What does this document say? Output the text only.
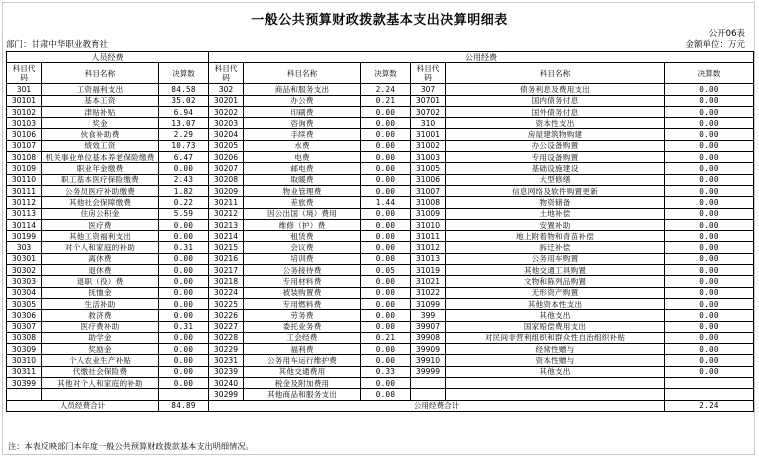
一般公共预算财政拨款基本支出决算明细表
公开06表
部门：甘肃中华职业教育社	金额单位：万元
人员经费			公用经费					
科目代码	科目名称	决算数	科目代码	科目名称	决算数	科目代码	科目名称	决算数
301	工资福利支出	84.58	302	商品和服务支出	2.24	307	债务利息及费用支出	0.00
30101	基本工资	35.02	30201	办公费	0.21	30701	国内债务付息	0.00
30102	津贴补贴	6.94	30202	印刷费	0.00	30702	国外债务付息	0.00
30103	奖金	13.07	30203	咨询费	0.00	310	资本性支出	0.00
30106	伙食补助费	2.29	30204	手续费	0.00	31001	房屋建筑物购建	0.00
30107	绩效工资	10.73	30205	水费	0.00	31002	办公设备购置	0.00
30108	机关事业单位基本养老保险缴费	6.47	30206	电费	0.00	31003	专用设备购置	0.00
30109	职业年金缴费	0.00	30207	邮电费	0.00	31005	基础设施建设	0.00
30110	职工基本医疗保险缴费	2.43	30208	取暖费	0.00	31006	大型修缮	0.00
30111	公务员医疗补助缴费	1.82	30209	物业管理费	0.00	31007	信息网络及软件购置更新	0.00
30112	其他社会保障缴费	0.22	30211	差旅费	1.44	31008	物资储备	0.00
30113	住房公积金	5.59	30212	因公出国（境）费用	0.00	31009	土地补偿	0.00
30114	医疗费	0.00	30213	维修（护）费	0.00	31010	安置补助	0.00
30199	其他工资福利支出	0.00	30214	租赁费	0.00	31011	地上附着物和青苗补偿	0.00
303	对个人和家庭的补助	0.31	30215	会议费	0.00	31012	拆迁补偿	0.00
30301	离休费	0.00	30216	培训费	0.00	31013	公务用车购置	0.00
30302	退休费	0.00	30217	公务接待费	0.05	31019	其他交通工具购置	0.00
30303	退职（役）费	0.00	30218	专用材料费	0.00	31021	文物和陈列品购置	0.00
30304	抚恤金	0.00	30224	被装购置费	0.00	31022	无形资产购置	0.00
30305	生活补助	0.00	30225	专用燃料费	0.00	31099	其他资本性支出	0.00
30306	救济费	0.00	30226	劳务费	0.00	399	其他支出	0.00
30307	医疗费补助	0.31	30227	委托业务费	0.00	39907	国家赔偿费用支出	0.00
30308	助学金	0.00	30228	工会经费	0.21	39908	对民间非营利组织和群众性自治组织补贴	0.00
30309	奖励金	0.00	30229	福利费	0.00	39909	经常性赠与	0.00
30310	个人农业生产补贴	0.00	30231	公务用车运行维护费	0.00	39910	资本性赠与	0.00
30311	代缴社会保险费	0.00	30239	其他交通费用	0.33	39999	其他支出	0.00
30399	其他对个人和家庭的补助	0.00	30240	税金及附加费用	0.00			
			30299	其他商品和服务支出	0.00			
人员经费合计		84.89	公用经费合计					2.24
注：本表反映部门本年度一般公共预算财政拨款基本支出明细情况。
